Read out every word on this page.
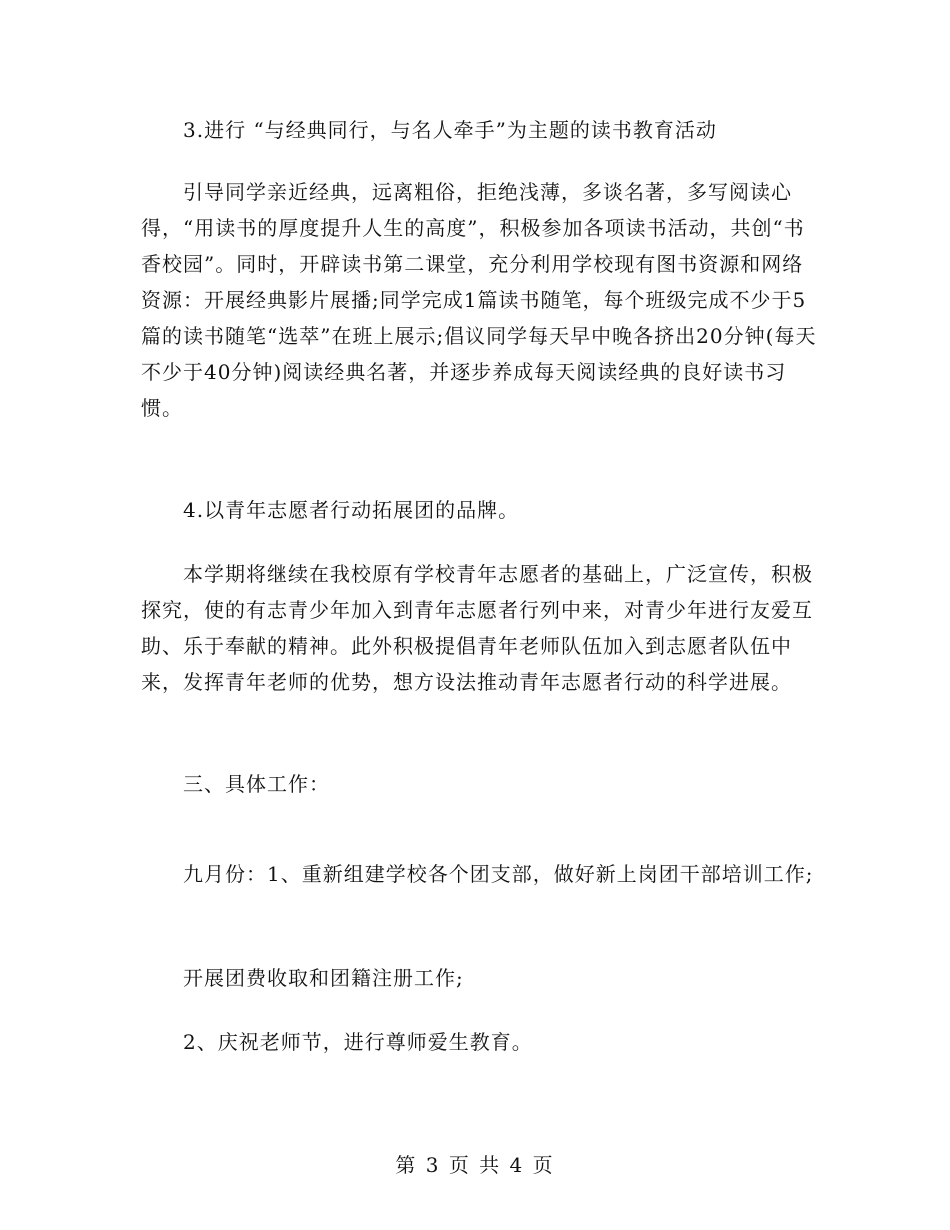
3.进行 “与经典同行，与名人牵手”为主题的读书教育活动

引导同学亲近经典，远离粗俗，拒绝浅薄，多谈名著，多写阅读心得，“用读书的厚度提升人生的高度”，积极参加各项读书活动，共创“书香校园”。同时，开辟读书第二课堂，充分利用学校现有图书资源和网络资源：开展经典影片展播;同学完成1篇读书随笔，每个班级完成不少于5篇的读书随笔“选萃”在班上展示;倡议同学每天早中晚各挤出20分钟(每天不少于40分钟)阅读经典名著，并逐步养成每天阅读经典的良好读书习惯。

4.以青年志愿者行动拓展团的品牌。

本学期将继续在我校原有学校青年志愿者的基础上，广泛宣传，积极探究，使的有志青少年加入到青年志愿者行列中来，对青少年进行友爱互助、乐于奉献的精神。此外积极提倡青年老师队伍加入到志愿者队伍中来，发挥青年老师的优势，想方设法推动青年志愿者行动的科学进展。

三、具体工作：

九月份：1、重新组建学校各个团支部，做好新上岗团干部培训工作;

开展团费收取和团籍注册工作;

2、庆祝老师节，进行尊师爱生教育。

第 3 页 共 4 页
